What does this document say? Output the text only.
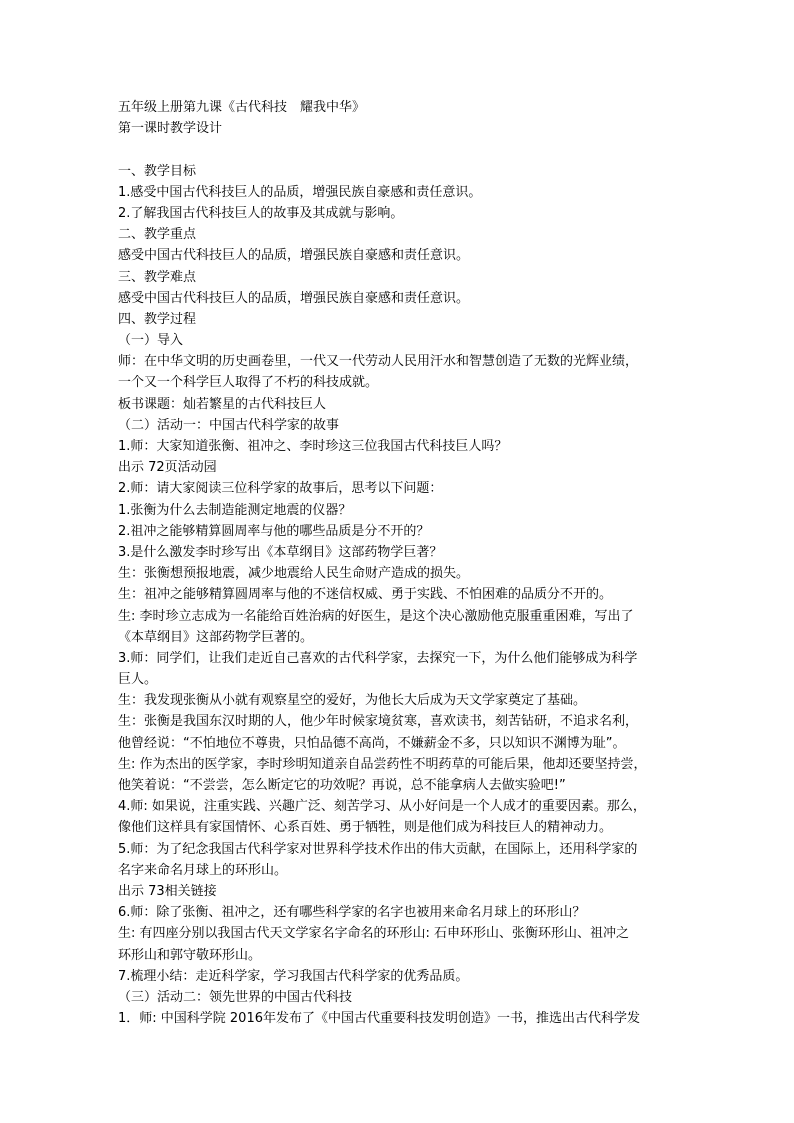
五年级上册第九课《古代科技　耀我中华》
第一课时教学设计
一、教学目标
1.感受中国古代科技巨人的品质，增强民族自豪感和责任意识。
2.了解我国古代科技巨人的故事及其成就与影响。
二、教学重点
感受中国古代科技巨人的品质，增强民族自豪感和责任意识。
三、教学难点
感受中国古代科技巨人的品质，增强民族自豪感和责任意识。
四、教学过程
（一）导入
师：在中华文明的历史画卷里，一代又一代劳动人民用汗水和智慧创造了无数的光辉业绩，
一个又一个科学巨人取得了不朽的科技成就。
板书课题：灿若繁星的古代科技巨人
（二）活动一：中国古代科学家的故事
1.师：大家知道张衡、祖冲之、李时珍这三位我国古代科技巨人吗？
出示 72页活动园
2.师：请大家阅读三位科学家的故事后，思考以下问题：
1.张衡为什么去制造能测定地震的仪器？
2.祖冲之能够精算圆周率与他的哪些品质是分不开的？
3.是什么激发李时珍写出《本草纲目》这部药物学巨著？
生：张衡想预报地震，减少地震给人民生命财产造成的损失。
生：祖冲之能够精算圆周率与他的不迷信权威、勇于实践、不怕困难的品质分不开的。
生: 李时珍立志成为一名能给百姓治病的好医生，是这个决心激励他克服重重困难，写出了
《本草纲目》这部药物学巨著的。
3.师：同学们，让我们走近自己喜欢的古代科学家，去探究一下，为什么他们能够成为科学
巨人。
生：我发现张衡从小就有观察星空的爱好，为他长大后成为天文学家奠定了基础。
生：张衡是我国东汉时期的人，他少年时候家境贫寒，喜欢读书，刻苦钻研，不追求名利，
他曾经说：“不怕地位不尊贵，只怕品德不高尚，不嫌薪金不多，只以知识不渊博为耻”。
生: 作为杰出的医学家，李时珍明知道亲自品尝药性不明药草的可能后果，他却还要坚持尝，
他笑着说：“不尝尝，怎么断定它的功效呢？再说，总不能拿病人去做实验吧!”
4.师: 如果说，注重实践、兴趣广泛、刻苦学习、从小好问是一个人成才的重要因素。那么，
像他们这样具有家国情怀、心系百姓、勇于牺牲，则是他们成为科技巨人的精神动力。
5.师：为了纪念我国古代科学家对世界科学技术作出的伟大贡献，在国际上，还用科学家的
名字来命名月球上的环形山。
出示 73相关链接
6.师：除了张衡、祖冲之，还有哪些科学家的名字也被用来命名月球上的环形山？
生: 有四座分别以我国古代天文学家名字命名的环形山: 石申环形山、张衡环形山、祖冲之
环形山和郭守敬环形山。
7.梳理小结：走近科学家，学习我国古代科学家的优秀品质。
（三）活动二：领先世界的中国古代科技
1．师: 中国科学院 2016年发布了《中国古代重要科技发明创造》一书，推选出古代科学发
